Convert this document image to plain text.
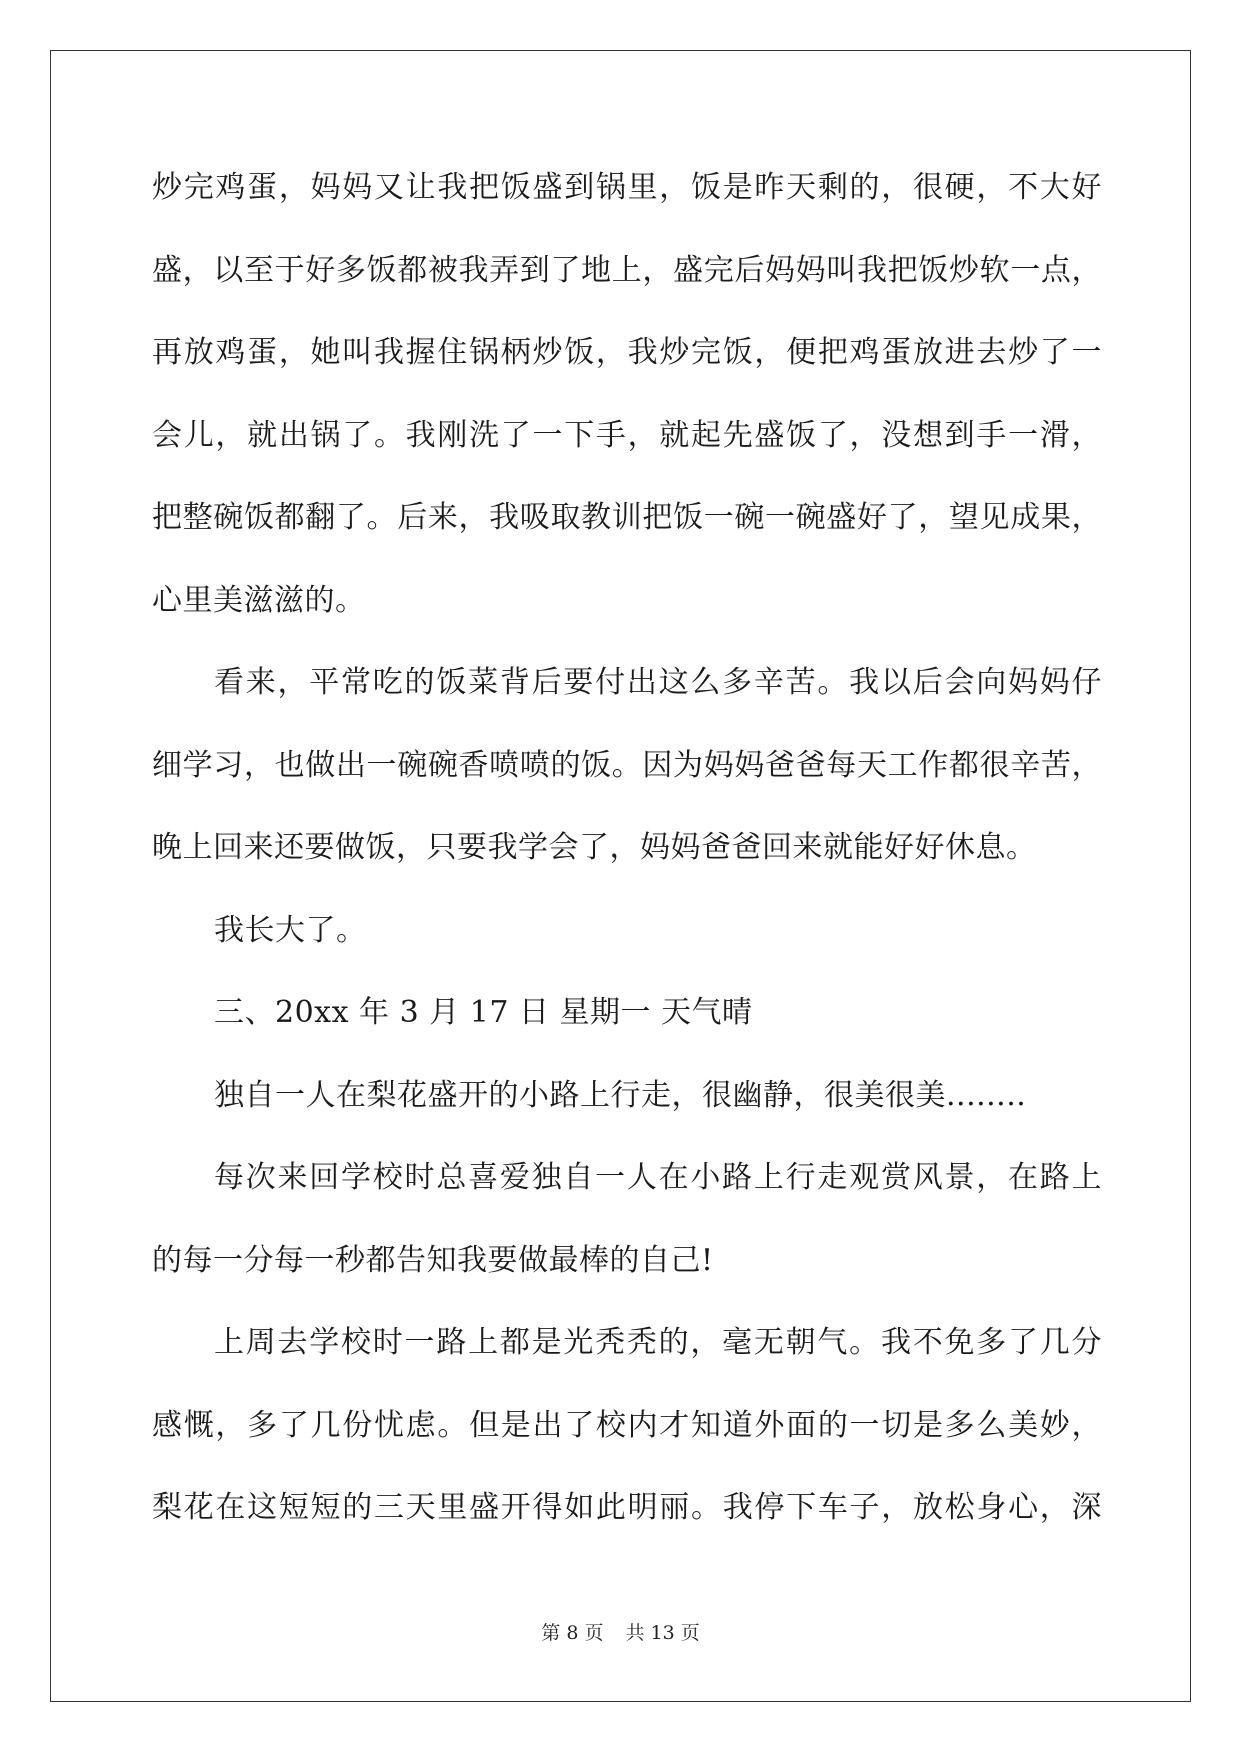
炒完鸡蛋，妈妈又让我把饭盛到锅里，饭是昨天剩的，很硬，不大好
盛，以至于好多饭都被我弄到了地上，盛完后妈妈叫我把饭炒软一点，
再放鸡蛋，她叫我握住锅柄炒饭，我炒完饭，便把鸡蛋放进去炒了一
会儿，就出锅了。我刚洗了一下手，就起先盛饭了，没想到手一滑，
把整碗饭都翻了。后来，我吸取教训把饭一碗一碗盛好了，望见成果，
心里美滋滋的。
看来，平常吃的饭菜背后要付出这么多辛苦。我以后会向妈妈仔
细学习，也做出一碗碗香喷喷的饭。因为妈妈爸爸每天工作都很辛苦，
晚上回来还要做饭，只要我学会了，妈妈爸爸回来就能好好休息。
我长大了。
三、20xx 年 3 月 17 日 星期一 天气晴
独自一人在梨花盛开的小路上行走，很幽静，很美很美........
每次来回学校时总喜爱独自一人在小路上行走观赏风景，在路上
的每一分每一秒都告知我要做最棒的自己!
上周去学校时一路上都是光秃秃的，毫无朝气。我不免多了几分
感慨，多了几份忧虑。但是出了校内才知道外面的一切是多么美妙，
梨花在这短短的三天里盛开得如此明丽。我停下车子，放松身心，深
第 8 页 共 13 页
